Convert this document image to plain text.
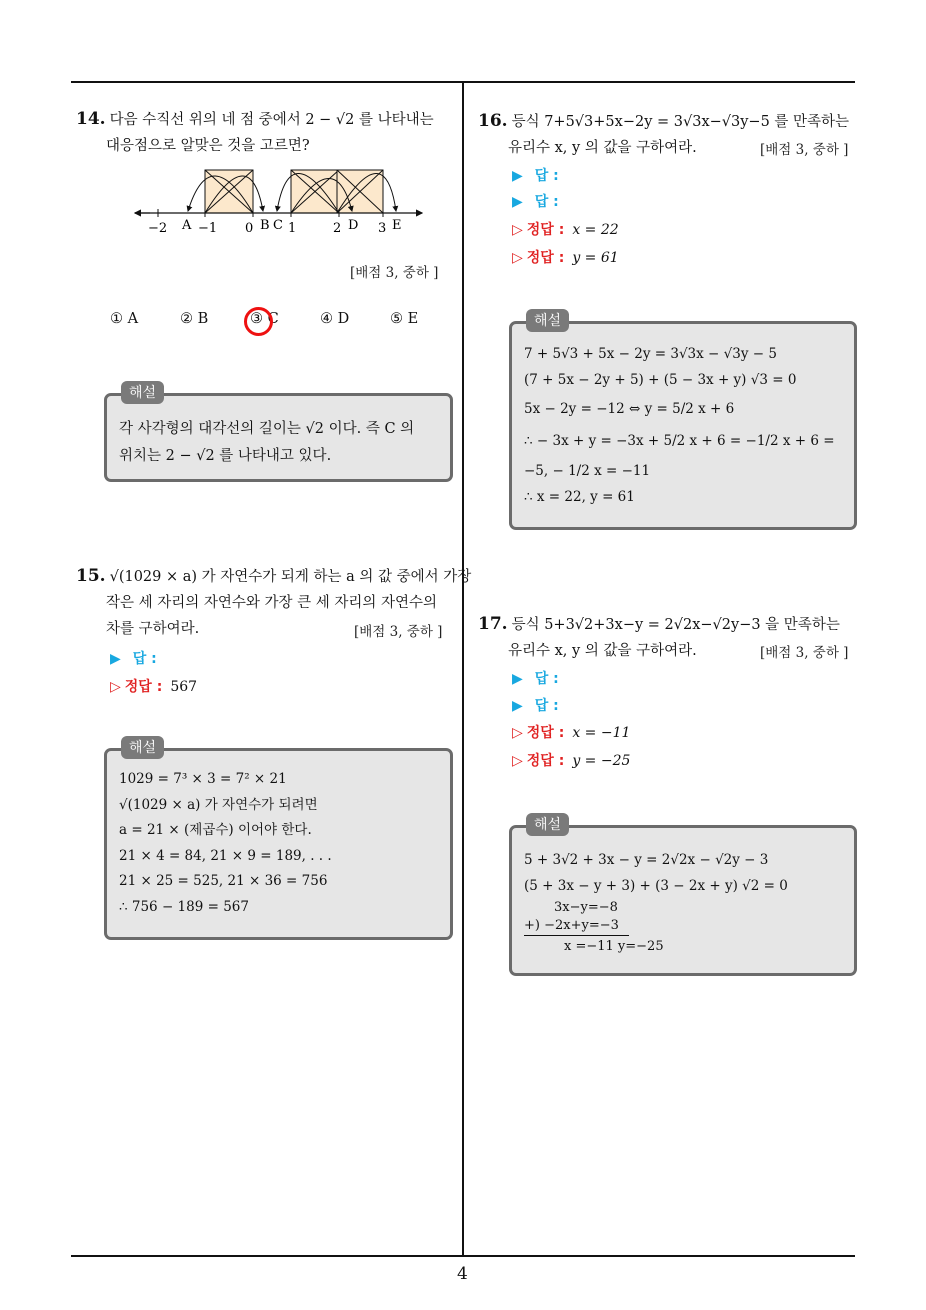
4
14. 다음 수직선 위의 네 점 중에서 2 − √2 를 나타내는
대응점으로 알맞은 것을 고르면?
−2 −1 0	1	2	3
A	B C	D	E
[배점 3, 중하 ]
① A	② B	③ C	④ D	⑤ E
해설
각 사각형의 대각선의 길이는 √2 이다. 즉 C 의
위치는 2 − √2 를 나타내고 있다.
15. √(1029 × a) 가 자연수가 되게 하는 a 의 값 중에서 가장
작은 세 자리의 자연수와 가장 큰 세 자리의 자연수의
차를 구하여라.	[배점 3, 중하 ]
▶ 답 :
▷ 정답 : 567
해설
1029 = 7³ × 3 = 7² × 21
√(1029 × a) 가 자연수가 되려면
a = 21 × (제곱수) 이어야 한다.
21 × 4 = 84, 21 × 9 = 189, . . .
21 × 25 = 525, 21 × 36 = 756
∴ 756 − 189 = 567
16. 등식 7+5√3+5x−2y = 3√3x−√3y−5 를 만족하는
유리수 x, y 의 값을 구하여라.	[배점 3, 중하 ]
▶ 답 :
▶ 답 :
▷ 정답 : x = 22
▷ 정답 : y = 61
해설
7 + 5√3 + 5x − 2y = 3√3x − √3y − 5
(7 + 5x − 2y + 5) + (5 − 3x + y) √3 = 0
5x − 2y = −12 ⇔ y = 5/2 x + 6
∴ − 3x + y = −3x + 5/2 x + 6 = −1/2 x + 6 =
−5, − 1/2 x = −11
∴ x = 22, y = 61
17. 등식 5+3√2+3x−y = 2√2x−√2y−3 을 만족하는
유리수 x, y 의 값을 구하여라.	[배점 3, 중하 ]
▶ 답 :
▶ 답 :
▷ 정답 : x = −11
▷ 정답 : y = −25
해설
5 + 3√2 + 3x − y = 2√2x − √2y − 3
(5 + 3x − y + 3) + (3 − 2x + y) √2 = 0
3x−y=−8
+) −2x+y=−3
x =−11 y=−25
